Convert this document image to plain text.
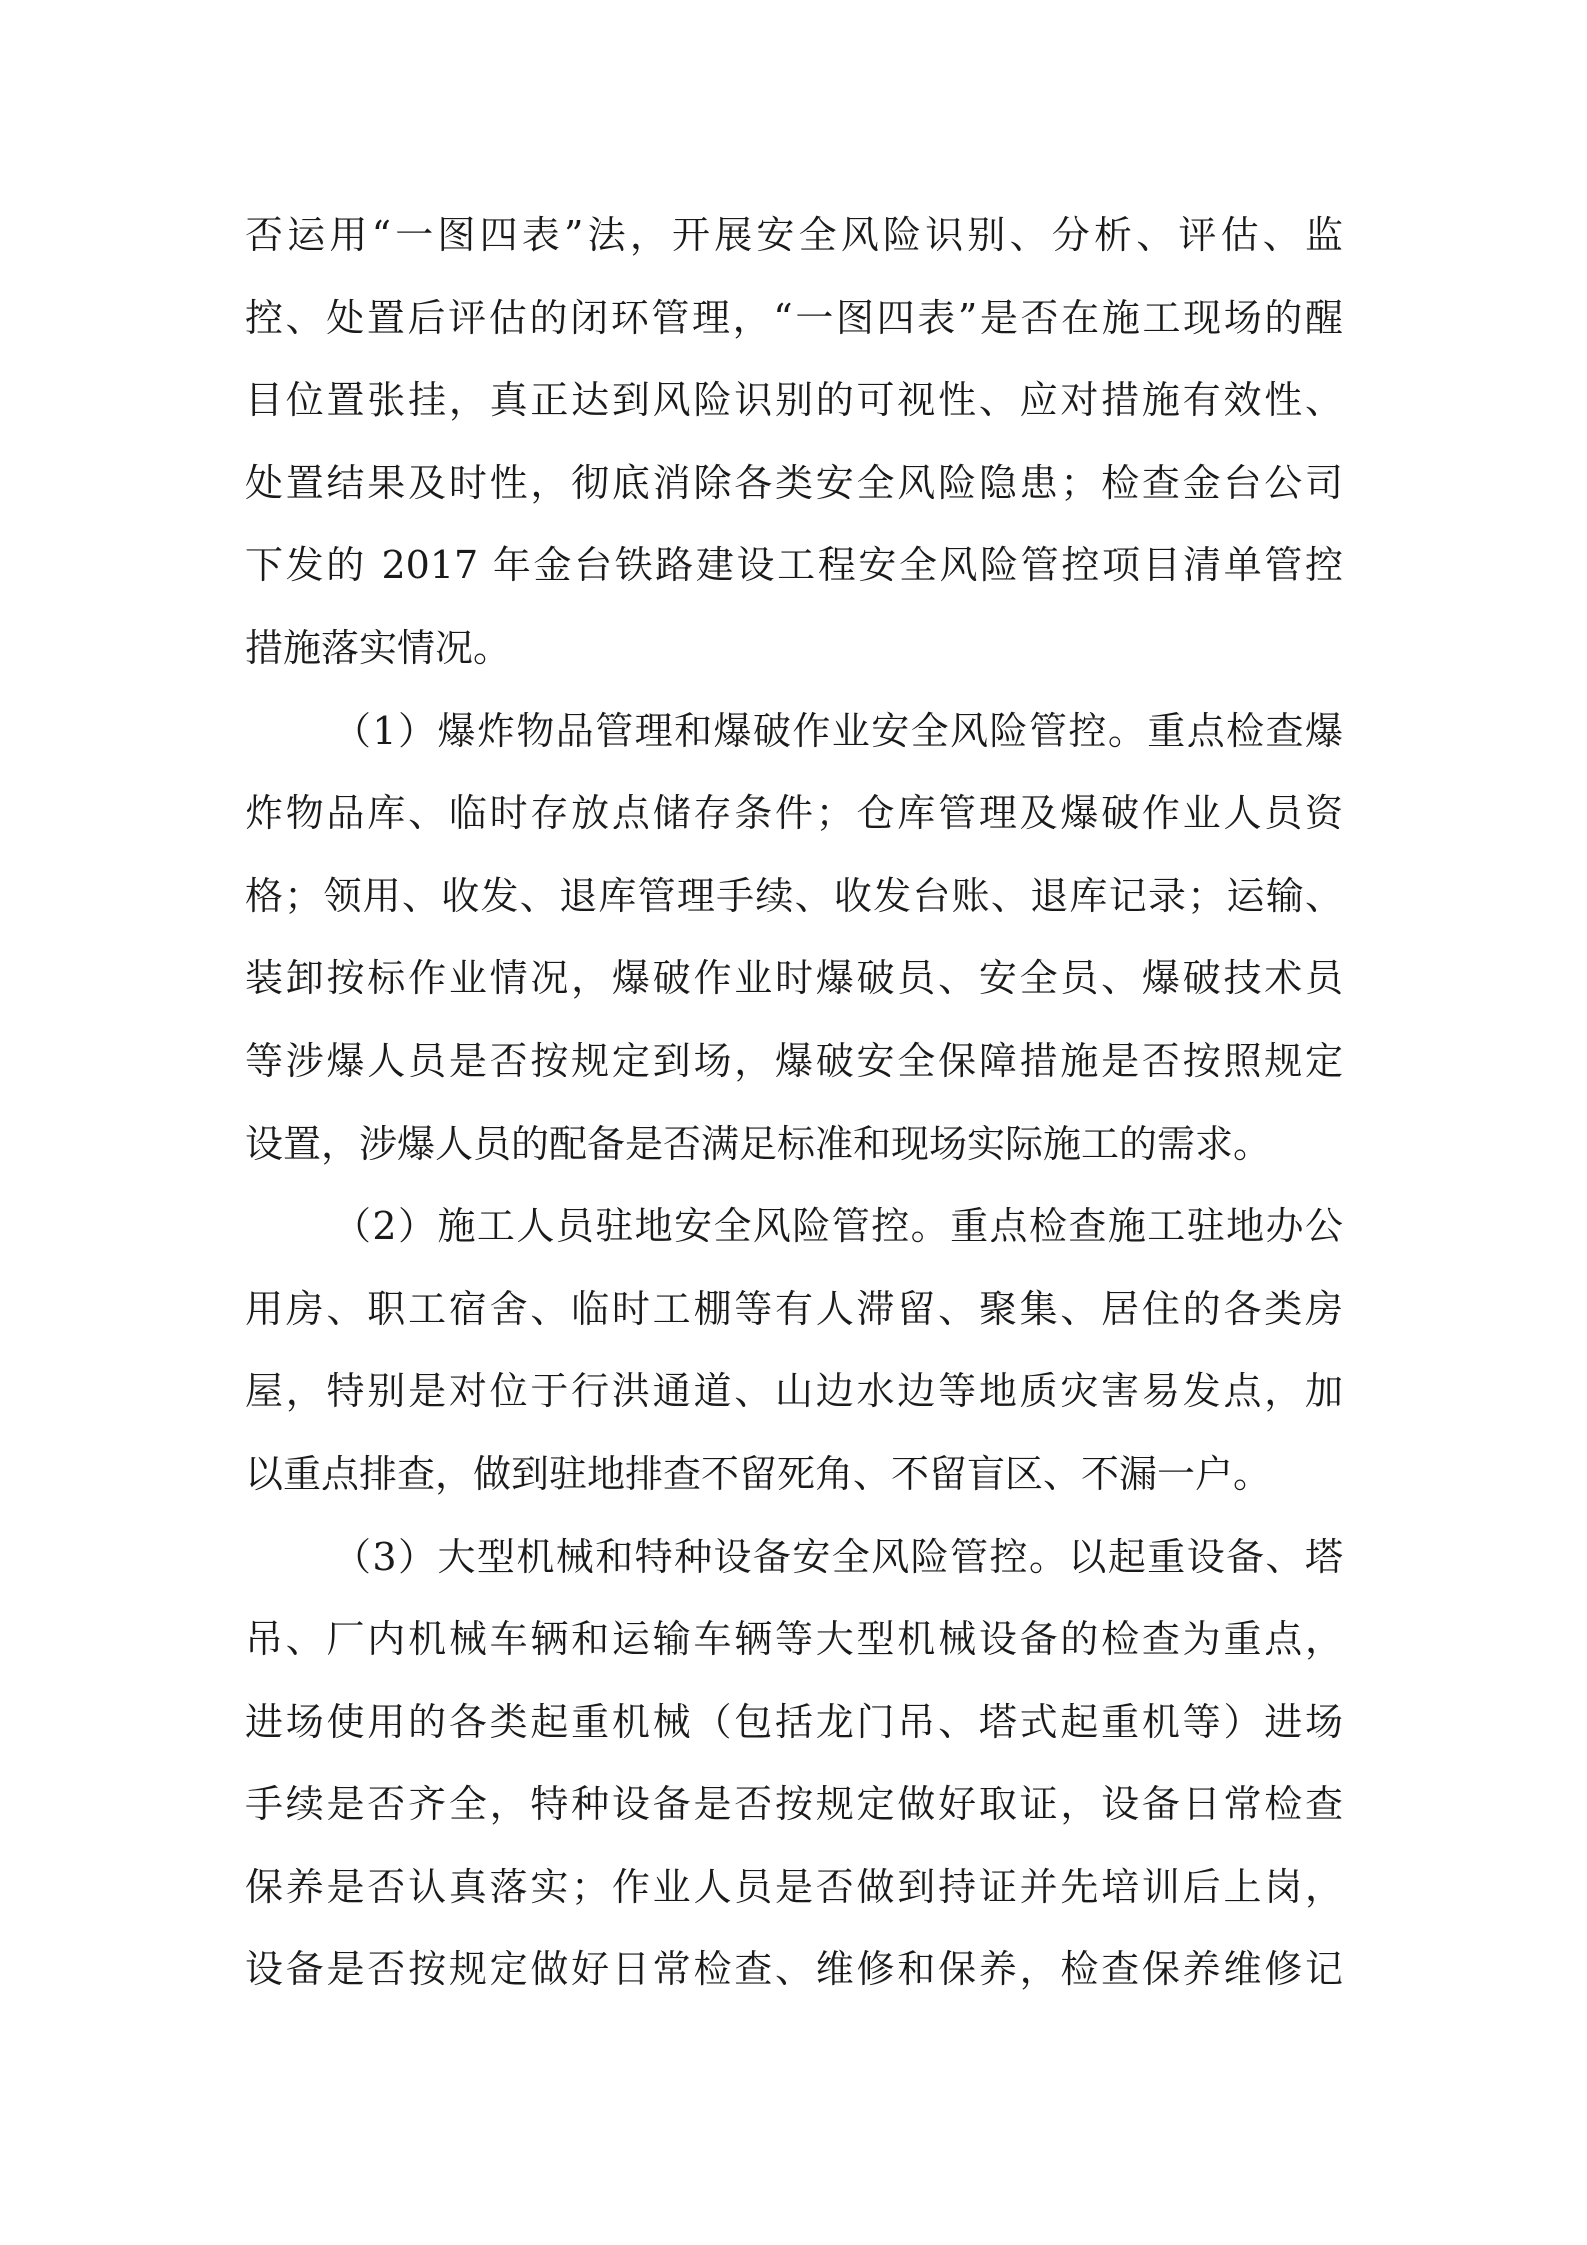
否运用“一图四表”法，开展安全风险识别、分析、评估、监
控、处置后评估的闭环管理，“一图四表”是否在施工现场的醒
目位置张挂，真正达到风险识别的可视性、应对措施有效性、
处置结果及时性，彻底消除各类安全风险隐患；检查金台公司
下发的 2017 年金台铁路建设工程安全风险管控项目清单管控
措施落实情况。
（1）爆炸物品管理和爆破作业安全风险管控。重点检查爆
炸物品库、临时存放点储存条件；仓库管理及爆破作业人员资
格；领用、收发、退库管理手续、收发台账、退库记录；运输、
装卸按标作业情况，爆破作业时爆破员、安全员、爆破技术员
等涉爆人员是否按规定到场，爆破安全保障措施是否按照规定
设置，涉爆人员的配备是否满足标准和现场实际施工的需求。
（2）施工人员驻地安全风险管控。重点检查施工驻地办公
用房、职工宿舍、临时工棚等有人滞留、聚集、居住的各类房
屋，特别是对位于行洪通道、山边水边等地质灾害易发点，加
以重点排查，做到驻地排查不留死角、不留盲区、不漏一户。
（3）大型机械和特种设备安全风险管控。以起重设备、塔
吊、厂内机械车辆和运输车辆等大型机械设备的检查为重点，
进场使用的各类起重机械（包括龙门吊、塔式起重机等）进场
手续是否齐全，特种设备是否按规定做好取证，设备日常检查
保养是否认真落实；作业人员是否做到持证并先培训后上岗，
设备是否按规定做好日常检查、维修和保养，检查保养维修记
